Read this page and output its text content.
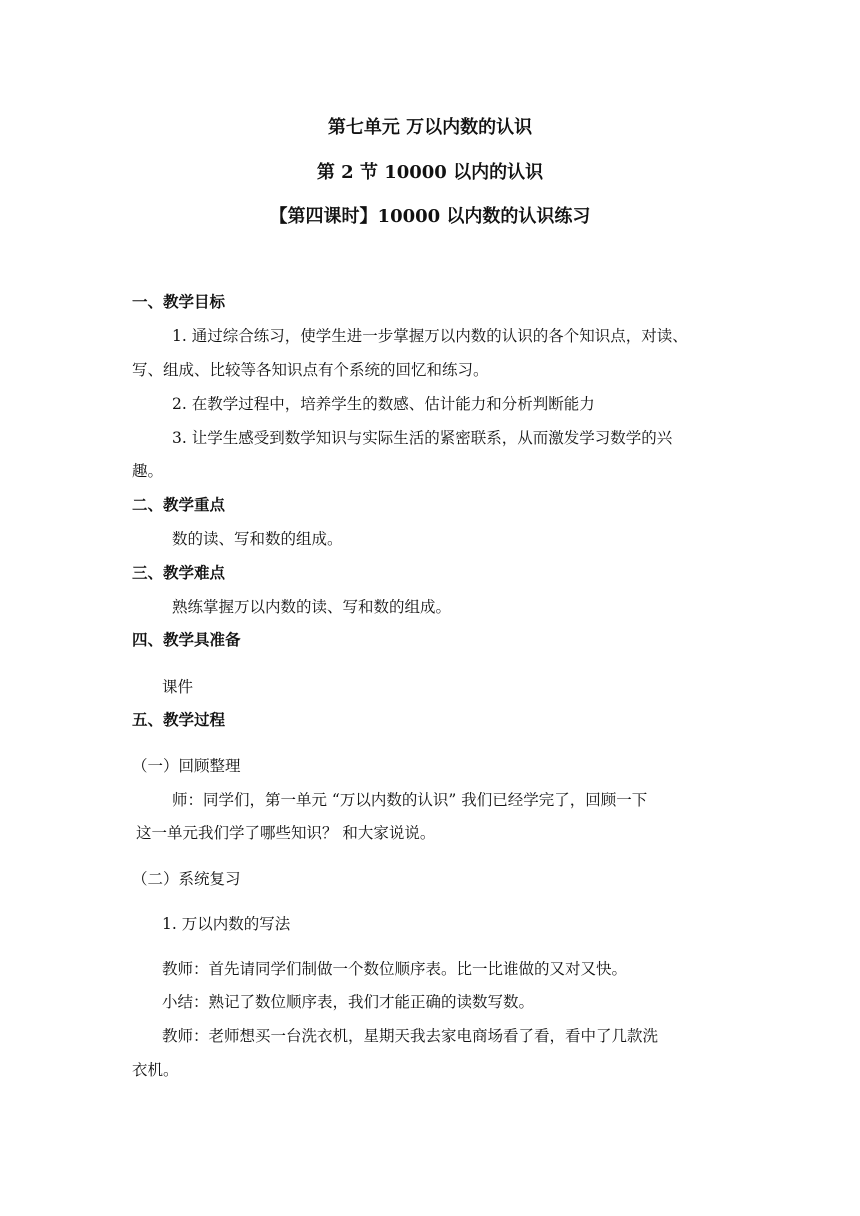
第七单元 万以内数的认识
第 2 节 10000 以内的认识
【第四课时】10000 以内数的认识练习
一、教学目标
1. 通过综合练习，使学生进一步掌握万以内数的认识的各个知识点，对读、
写、组成、比较等各知识点有个系统的回忆和练习。
2. 在教学过程中，培养学生的数感、估计能力和分析判断能力
3. 让学生感受到数学知识与实际生活的紧密联系，从而激发学习数学的兴
趣。
二、教学重点
数的读、写和数的组成。
三、教学难点
熟练掌握万以内数的读、写和数的组成。
四、教学具准备
课件
五、教学过程
（一）回顾整理
师：同学们，第一单元 “万以内数的认识” 我们已经学完了，回顾一下
这一单元我们学了哪些知识？ 和大家说说。
（二）系统复习
1. 万以内数的写法
教师：首先请同学们制做一个数位顺序表。比一比谁做的又对又快。
小结：熟记了数位顺序表，我们才能正确的读数写数。
教师：老师想买一台洗衣机，星期天我去家电商场看了看，看中了几款洗
衣机。
